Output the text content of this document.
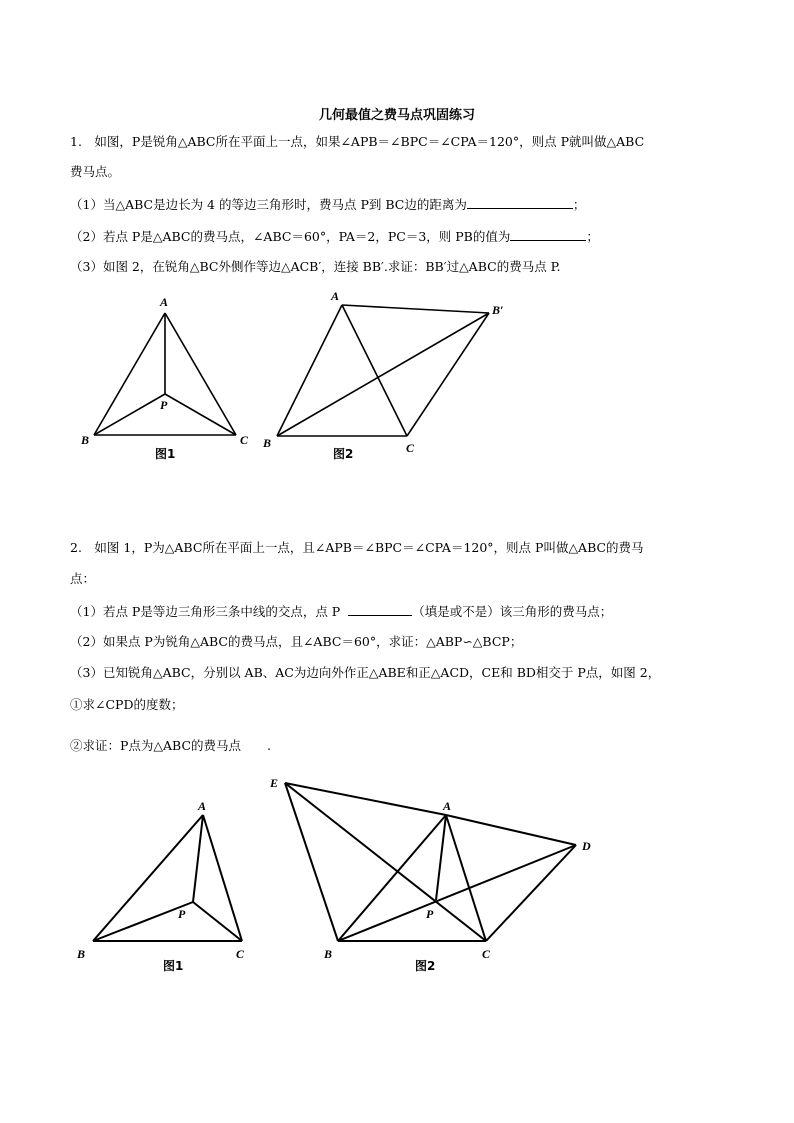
几何最值之费马点巩固练习
1.　如图，P是锐角△ABC所在平面上一点，如果∠APB＝∠BPC＝∠CPA＝120°，则点 P就叫做△ABC
费马点。
（1）当△ABC是边长为 4 的等边三角形时，费马点 P到 BC边的距离为	；
（2）若点 P是△ABC的费马点，∠ABC＝60°，PA＝2，PC＝3，则 PB的值为	；
（3）如图 2，在锐角△BC外侧作等边△ACB′，连接 BB′.求证：BB′过△ABC的费马点 P.
A
B	C
P
图1
A
B	C
B′
图2
2.　如图 1，P为△ABC所在平面上一点，且∠APB＝∠BPC＝∠CPA＝120°，则点 P叫做△ABC的费马
点：
（1）若点 P是等边三角形三条中线的交点，点 P	（填是或不是）该三角形的费马点；
（2）如果点 P为锐角△ABC的费马点，且∠ABC＝60°，求证：△ABP∽△BCP；
（3）已知锐角△ABC，分别以 AB、AC为边向外作正△ABE和正△ACD，CE和 BD相交于 P点，如图 2，
①求∠CPD的度数；
②求证：P点为△ABC的费马点 .
A
B	C
P
图1
E
A
D
B	C
P
图2
